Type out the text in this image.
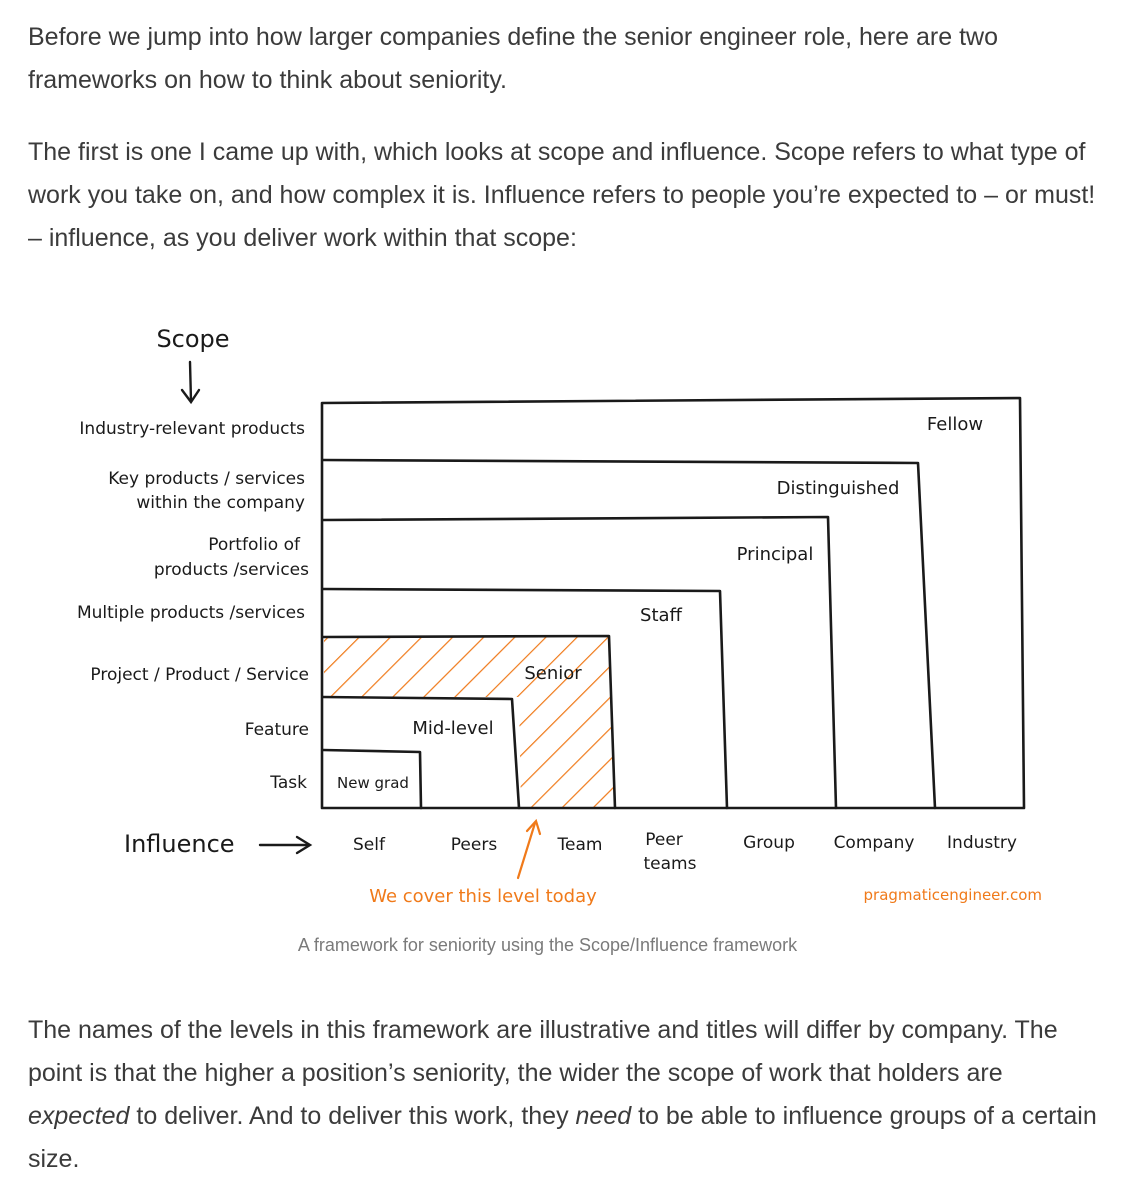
Before we jump into how larger companies define the senior engineer role, here are two frameworks on how to think about seniority.

The first is one I came up with, which looks at scope and influence. Scope refers to what type of work you take on, and how complex it is. Influence refers to people you’re expected to – or must! – influence, as you deliver work within that scope:

Scope
Industry-relevant products
Key products / services
within the company
Portfolio of
products /services
Multiple products /services
Project / Product / Service
Feature
Task
Influence	Self	Peers	Team	Peer
teams
Group Company Industry
Fellow
Distinguished
Principal
Staff
Senior
Mid-level
New grad
We cover this level today	pragmaticengineer.com
A framework for seniority using the Scope/Influence framework

The names of the levels in this framework are illustrative and titles will differ by company. The point is that the higher a position’s seniority, the wider the scope of work that holders are expected to deliver. And to deliver this work, they need to be able to influence groups of a certain size.
